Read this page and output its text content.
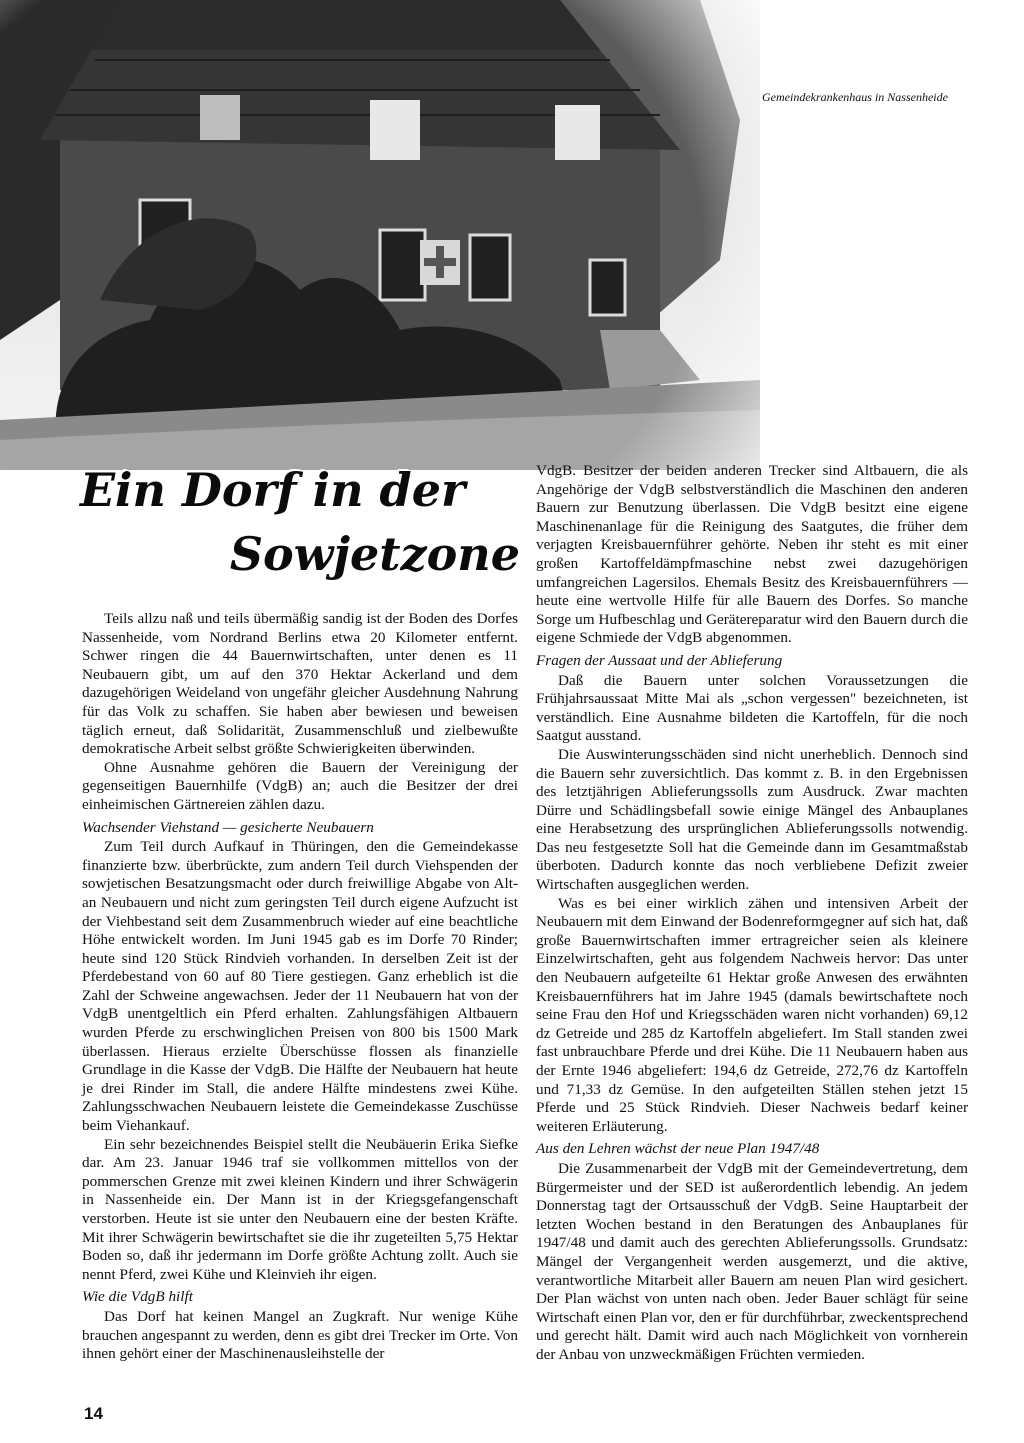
Gemeindekrankenhaus in Nassenheide
Ein Dorf in der
Sowjetzone

Teils allzu naß und teils übermäßig sandig ist der Boden des Dorfes Nassenheide, vom Nordrand Berlins etwa 20 Kilometer entfernt. Schwer ringen die 44 Bauernwirtschaften, unter denen es 11 Neubauern gibt, um auf den 370 Hektar Ackerland und dem dazugehörigen Weideland von ungefähr gleicher Ausdehnung Nahrung für das Volk zu schaffen. Sie haben aber bewiesen und beweisen täglich erneut, daß Solidarität, Zusammenschluß und zielbewußte demokratische Arbeit selbst größte Schwierigkeiten überwinden.

Ohne Ausnahme gehören die Bauern der Vereinigung der gegenseitigen Bauernhilfe (VdgB) an; auch die Besitzer der drei einheimischen Gärtnereien zählen dazu.

Wachsender Viehstand — gesicherte Neubauern

Zum Teil durch Aufkauf in Thüringen, den die Gemeindekasse finanzierte bzw. überbrückte, zum andern Teil durch Viehspenden der sowjetischen Besatzungsmacht oder durch freiwillige Abgabe von Alt- an Neubauern und nicht zum geringsten Teil durch eigene Aufzucht ist der Viehbestand seit dem Zusammenbruch wieder auf eine beachtliche Höhe entwickelt worden. Im Juni 1945 gab es im Dorfe 70 Rinder; heute sind 120 Stück Rindvieh vorhanden. In derselben Zeit ist der Pferdebestand von 60 auf 80 Tiere gestiegen. Ganz erheblich ist die Zahl der Schweine angewachsen. Jeder der 11 Neubauern hat von der VdgB unentgeltlich ein Pferd erhalten. Zahlungsfähigen Altbauern wurden Pferde zu erschwinglichen Preisen von 800 bis 1500 Mark überlassen. Hieraus erzielte Überschüsse flossen als finanzielle Grundlage in die Kasse der VdgB. Die Hälfte der Neubauern hat heute je drei Rinder im Stall, die andere Hälfte mindestens zwei Kühe. Zahlungsschwachen Neubauern leistete die Gemeindekasse Zuschüsse beim Viehankauf.

Ein sehr bezeichnendes Beispiel stellt die Neubäuerin Erika Siefke dar. Am 23. Januar 1946 traf sie vollkommen mittellos von der pommerschen Grenze mit zwei kleinen Kindern und ihrer Schwägerin in Nassenheide ein. Der Mann ist in der Kriegsgefangenschaft verstorben. Heute ist sie unter den Neubauern eine der besten Kräfte. Mit ihrer Schwägerin bewirtschaftet sie die ihr zugeteilten 5,75 Hektar Boden so, daß ihr jedermann im Dorfe größte Achtung zollt. Auch sie nennt Pferd, zwei Kühe und Kleinvieh ihr eigen.

Wie die VdgB hilft

Das Dorf hat keinen Mangel an Zugkraft. Nur wenige Kühe brauchen angespannt zu werden, denn es gibt drei Trecker im Orte. Von ihnen gehört einer der Maschinenausleihstelle der

VdgB. Besitzer der beiden anderen Trecker sind Altbauern, die als Angehörige der VdgB selbstverständlich die Maschinen den anderen Bauern zur Benutzung überlassen. Die VdgB besitzt eine eigene Maschinenanlage für die Reinigung des Saatgutes, die früher dem verjagten Kreisbauernführer gehörte. Neben ihr steht es mit einer großen Kartoffeldämpfmaschine nebst zwei dazugehörigen umfangreichen Lagersilos. Ehemals Besitz des Kreisbauernführers — heute eine wertvolle Hilfe für alle Bauern des Dorfes. So manche Sorge um Hufbeschlag und Gerätereparatur wird den Bauern durch die eigene Schmiede der VdgB abgenommen.

Fragen der Aussaat und der Ablieferung

Daß die Bauern unter solchen Voraussetzungen die Frühjahrsaussaat Mitte Mai als „schon vergessen" bezeichneten, ist verständlich. Eine Ausnahme bildeten die Kartoffeln, für die noch Saatgut ausstand.

Die Auswinterungsschäden sind nicht unerheblich. Dennoch sind die Bauern sehr zuversichtlich. Das kommt z. B. in den Ergebnissen des letztjährigen Ablieferungssolls zum Ausdruck. Zwar machten Dürre und Schädlingsbefall sowie einige Mängel des Anbauplanes eine Herabsetzung des ursprünglichen Ablieferungssolls notwendig. Das neu festgesetzte Soll hat die Gemeinde dann im Gesamtmaßstab überboten. Dadurch konnte das noch verbliebene Defizit zweier Wirtschaften ausgeglichen werden.

Was es bei einer wirklich zähen und intensiven Arbeit der Neubauern mit dem Einwand der Bodenreformgegner auf sich hat, daß große Bauernwirtschaften immer ertragreicher seien als kleinere Einzelwirtschaften, geht aus folgendem Nachweis hervor: Das unter den Neubauern aufgeteilte 61 Hektar große Anwesen des erwähnten Kreisbauernführers hat im Jahre 1945 (damals bewirtschaftete noch seine Frau den Hof und Kriegsschäden waren nicht vorhanden) 69,12 dz Getreide und 285 dz Kartoffeln abgeliefert. Im Stall standen zwei fast unbrauchbare Pferde und drei Kühe. Die 11 Neubauern haben aus der Ernte 1946 abgeliefert: 194,6 dz Getreide, 272,76 dz Kartoffeln und 71,33 dz Gemüse. In den aufgeteilten Ställen stehen jetzt 15 Pferde und 25 Stück Rindvieh. Dieser Nachweis bedarf keiner weiteren Erläuterung.

Aus den Lehren wächst der neue Plan 1947/48

Die Zusammenarbeit der VdgB mit der Gemeindevertretung, dem Bürgermeister und der SED ist außerordentlich lebendig. An jedem Donnerstag tagt der Ortsausschuß der VdgB. Seine Hauptarbeit der letzten Wochen bestand in den Beratungen des Anbauplanes für 1947/48 und damit auch des gerechten Ablieferungssolls. Grundsatz: Mängel der Vergangenheit werden ausgemerzt, und die aktive, verantwortliche Mitarbeit aller Bauern am neuen Plan wird gesichert. Der Plan wächst von unten nach oben. Jeder Bauer schlägt für seine Wirtschaft einen Plan vor, den er für durchführbar, zweckentsprechend und gerecht hält. Damit wird auch nach Möglichkeit von vornherein der Anbau von unzweckmäßigen Früchten vermieden.

14
